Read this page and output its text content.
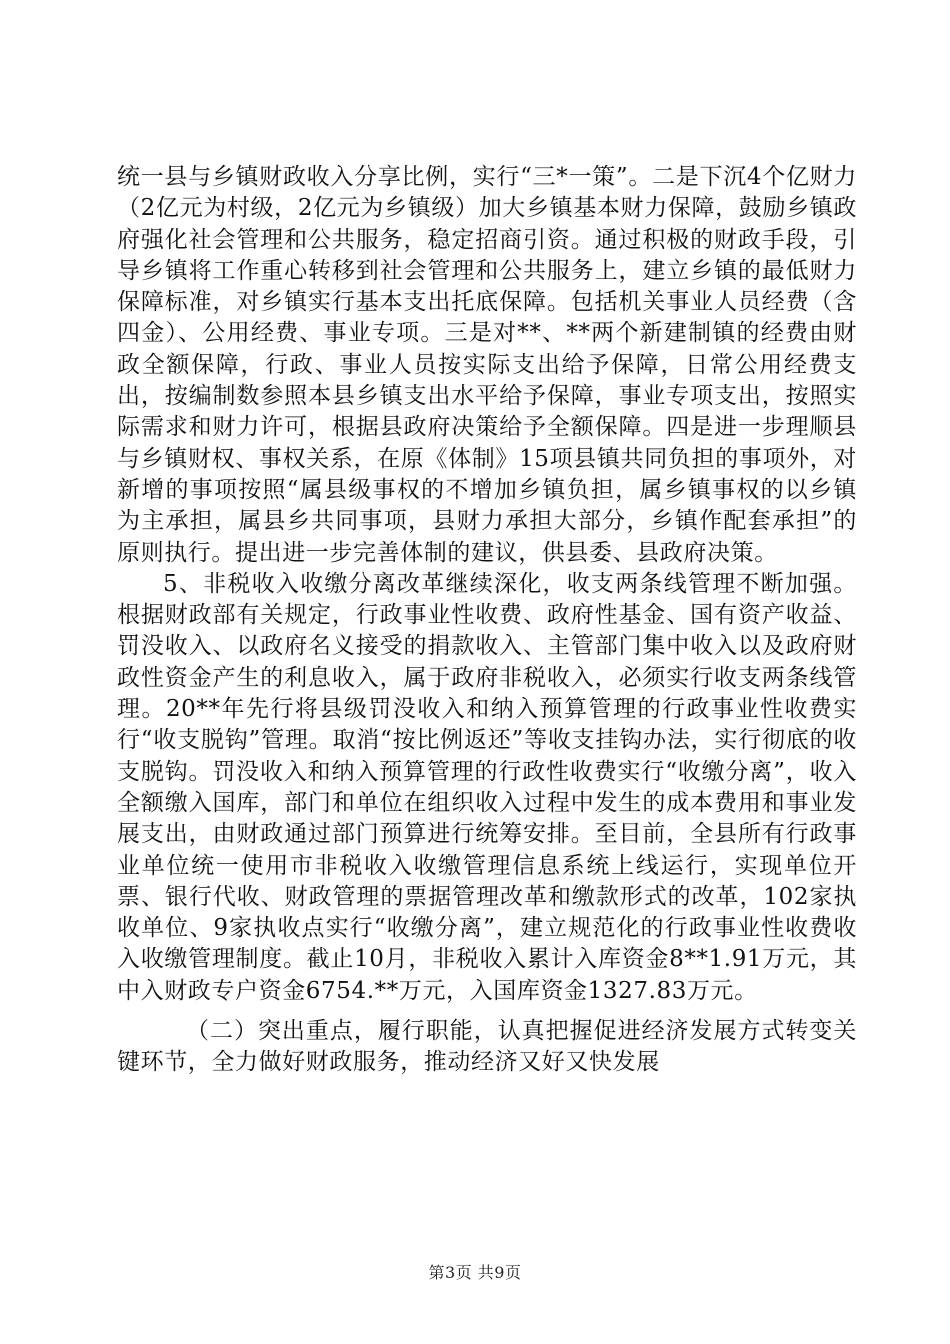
统一县与乡镇财政收入分享比例，实行“三*一策”。二是下沉4个亿财力（2亿元为村级，2亿元为乡镇级）加大乡镇基本财力保障，鼓励乡镇政府强化社会管理和公共服务，稳定招商引资。通过积极的财政手段，引导乡镇将工作重心转移到社会管理和公共服务上，建立乡镇的最低财力保障标准，对乡镇实行基本支出托底保障。包括机关事业人员经费（含四金）、公用经费、事业专项。三是对**、**两个新建制镇的经费由财政全额保障，行政、事业人员按实际支出给予保障，日常公用经费支出，按编制数参照本县乡镇支出水平给予保障，事业专项支出，按照实际需求和财力许可，根据县政府决策给予全额保障。四是进一步理顺县与乡镇财权、事权关系，在原《体制》15项县镇共同负担的事项外，对新增的事项按照“属县级事权的不增加乡镇负担，属乡镇事权的以乡镇为主承担，属县乡共同事项，县财力承担大部分，乡镇作配套承担”的原则执行。提出进一步完善体制的建议，供县委、县政府决策。

5、非税收入收缴分离改革继续深化，收支两条线管理不断加强。根据财政部有关规定，行政事业性收费、政府性基金、国有资产收益、罚没收入、以政府名义接受的捐款收入、主管部门集中收入以及政府财政性资金产生的利息收入，属于政府非税收入，必须实行收支两条线管理。20**年先行将县级罚没收入和纳入预算管理的行政事业性收费实行“收支脱钩”管理。取消“按比例返还”等收支挂钩办法，实行彻底的收支脱钩。罚没收入和纳入预算管理的行政性收费实行“收缴分离”，收入全额缴入国库，部门和单位在组织收入过程中发生的成本费用和事业发展支出，由财政通过部门预算进行统筹安排。至目前，全县所有行政事业单位统一使用市非税收入收缴管理信息系统上线运行，实现单位开票、银行代收、财政管理的票据管理改革和缴款形式的改革，102家执收单位、9家执收点实行“收缴分离”，建立规范化的行政事业性收费收入收缴管理制度。截止10月，非税收入累计入库资金8**1.91万元，其中入财政专户资金6754.**万元，入国库资金1327.83万元。

（二）突出重点，履行职能，认真把握促进经济发展方式转变关键环节，全力做好财政服务，推动经济又好又快发展

第3页 共9页
